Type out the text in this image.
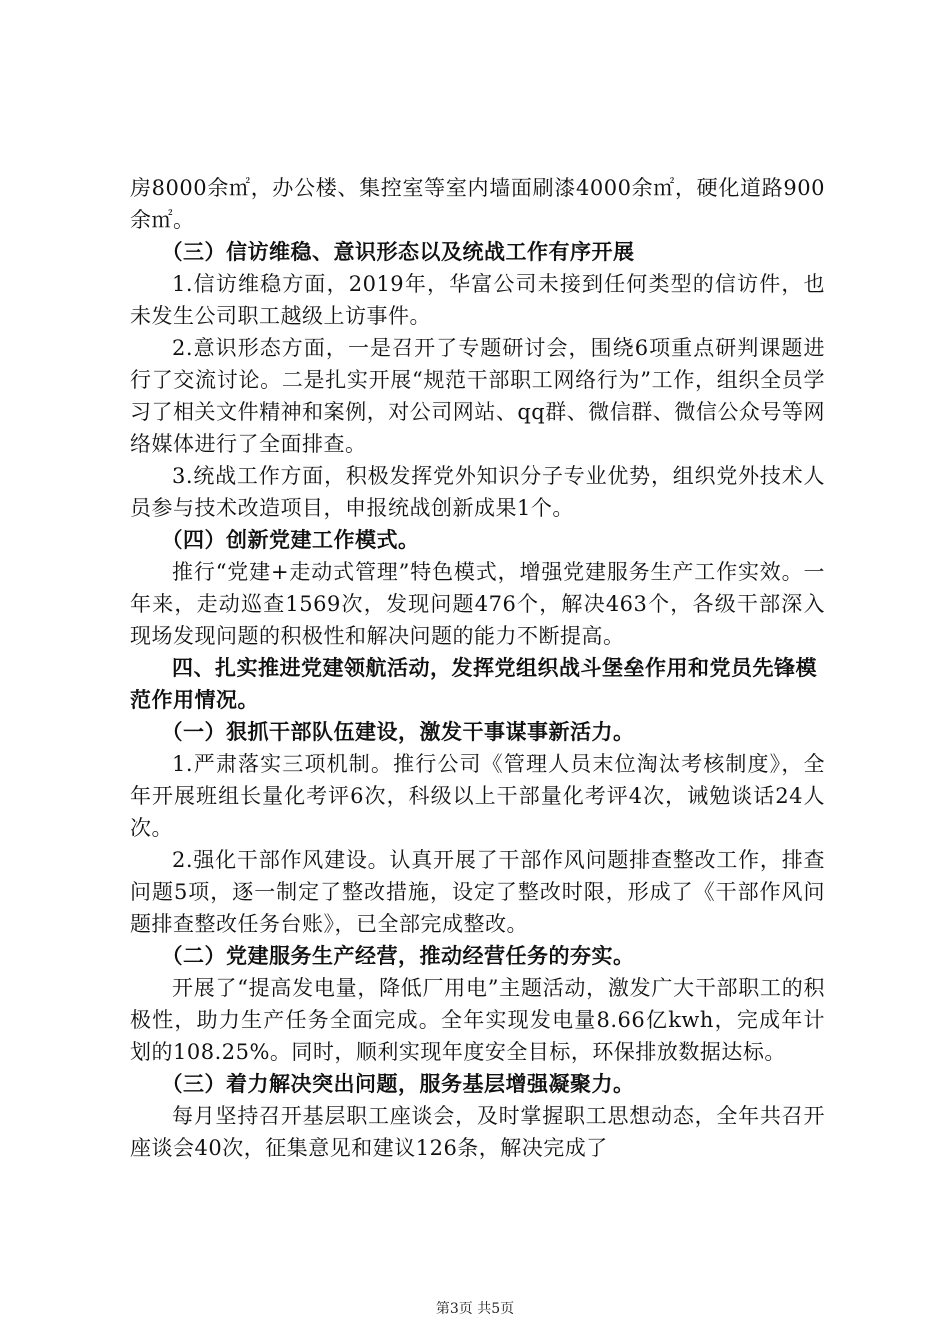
房8000余㎡，办公楼、集控室等室内墙面刷漆4000余㎡，硬化道路900余㎡。

（三）信访维稳、意识形态以及统战工作有序开展

1.信访维稳方面，2019年，华富公司未接到任何类型的信访件，也未发生公司职工越级上访事件。

2.意识形态方面，一是召开了专题研讨会，围绕6项重点研判课题进行了交流讨论。二是扎实开展“规范干部职工网络行为”工作，组织全员学习了相关文件精神和案例，对公司网站、qq群、微信群、微信公众号等网络媒体进行了全面排查。

3.统战工作方面，积极发挥党外知识分子专业优势，组织党外技术人员参与技术改造项目，申报统战创新成果1个。

（四）创新党建工作模式。

推行“党建+走动式管理”特色模式，增强党建服务生产工作实效。一年来，走动巡查1569次，发现问题476个，解决463个，各级干部深入现场发现问题的积极性和解决问题的能力不断提高。

四、扎实推进党建领航活动，发挥党组织战斗堡垒作用和党员先锋模范作用情况。

（一）狠抓干部队伍建设，激发干事谋事新活力。

1.严肃落实三项机制。推行公司《管理人员末位淘汰考核制度》，全年开展班组长量化考评6次，科级以上干部量化考评4次，诫勉谈话24人次。

2.强化干部作风建设。认真开展了干部作风问题排查整改工作，排查问题5项，逐一制定了整改措施，设定了整改时限，形成了《干部作风问题排查整改任务台账》，已全部完成整改。

（二）党建服务生产经营，推动经营任务的夯实。

开展了“提高发电量，降低厂用电”主题活动，激发广大干部职工的积极性，助力生产任务全面完成。全年实现发电量8.66亿kwh，完成年计划的108.25%。同时，顺利实现年度安全目标，环保排放数据达标。

（三）着力解决突出问题，服务基层增强凝聚力。

每月坚持召开基层职工座谈会，及时掌握职工思想动态，全年共召开座谈会40次，征集意见和建议126条，解决完成了

第3页 共5页
